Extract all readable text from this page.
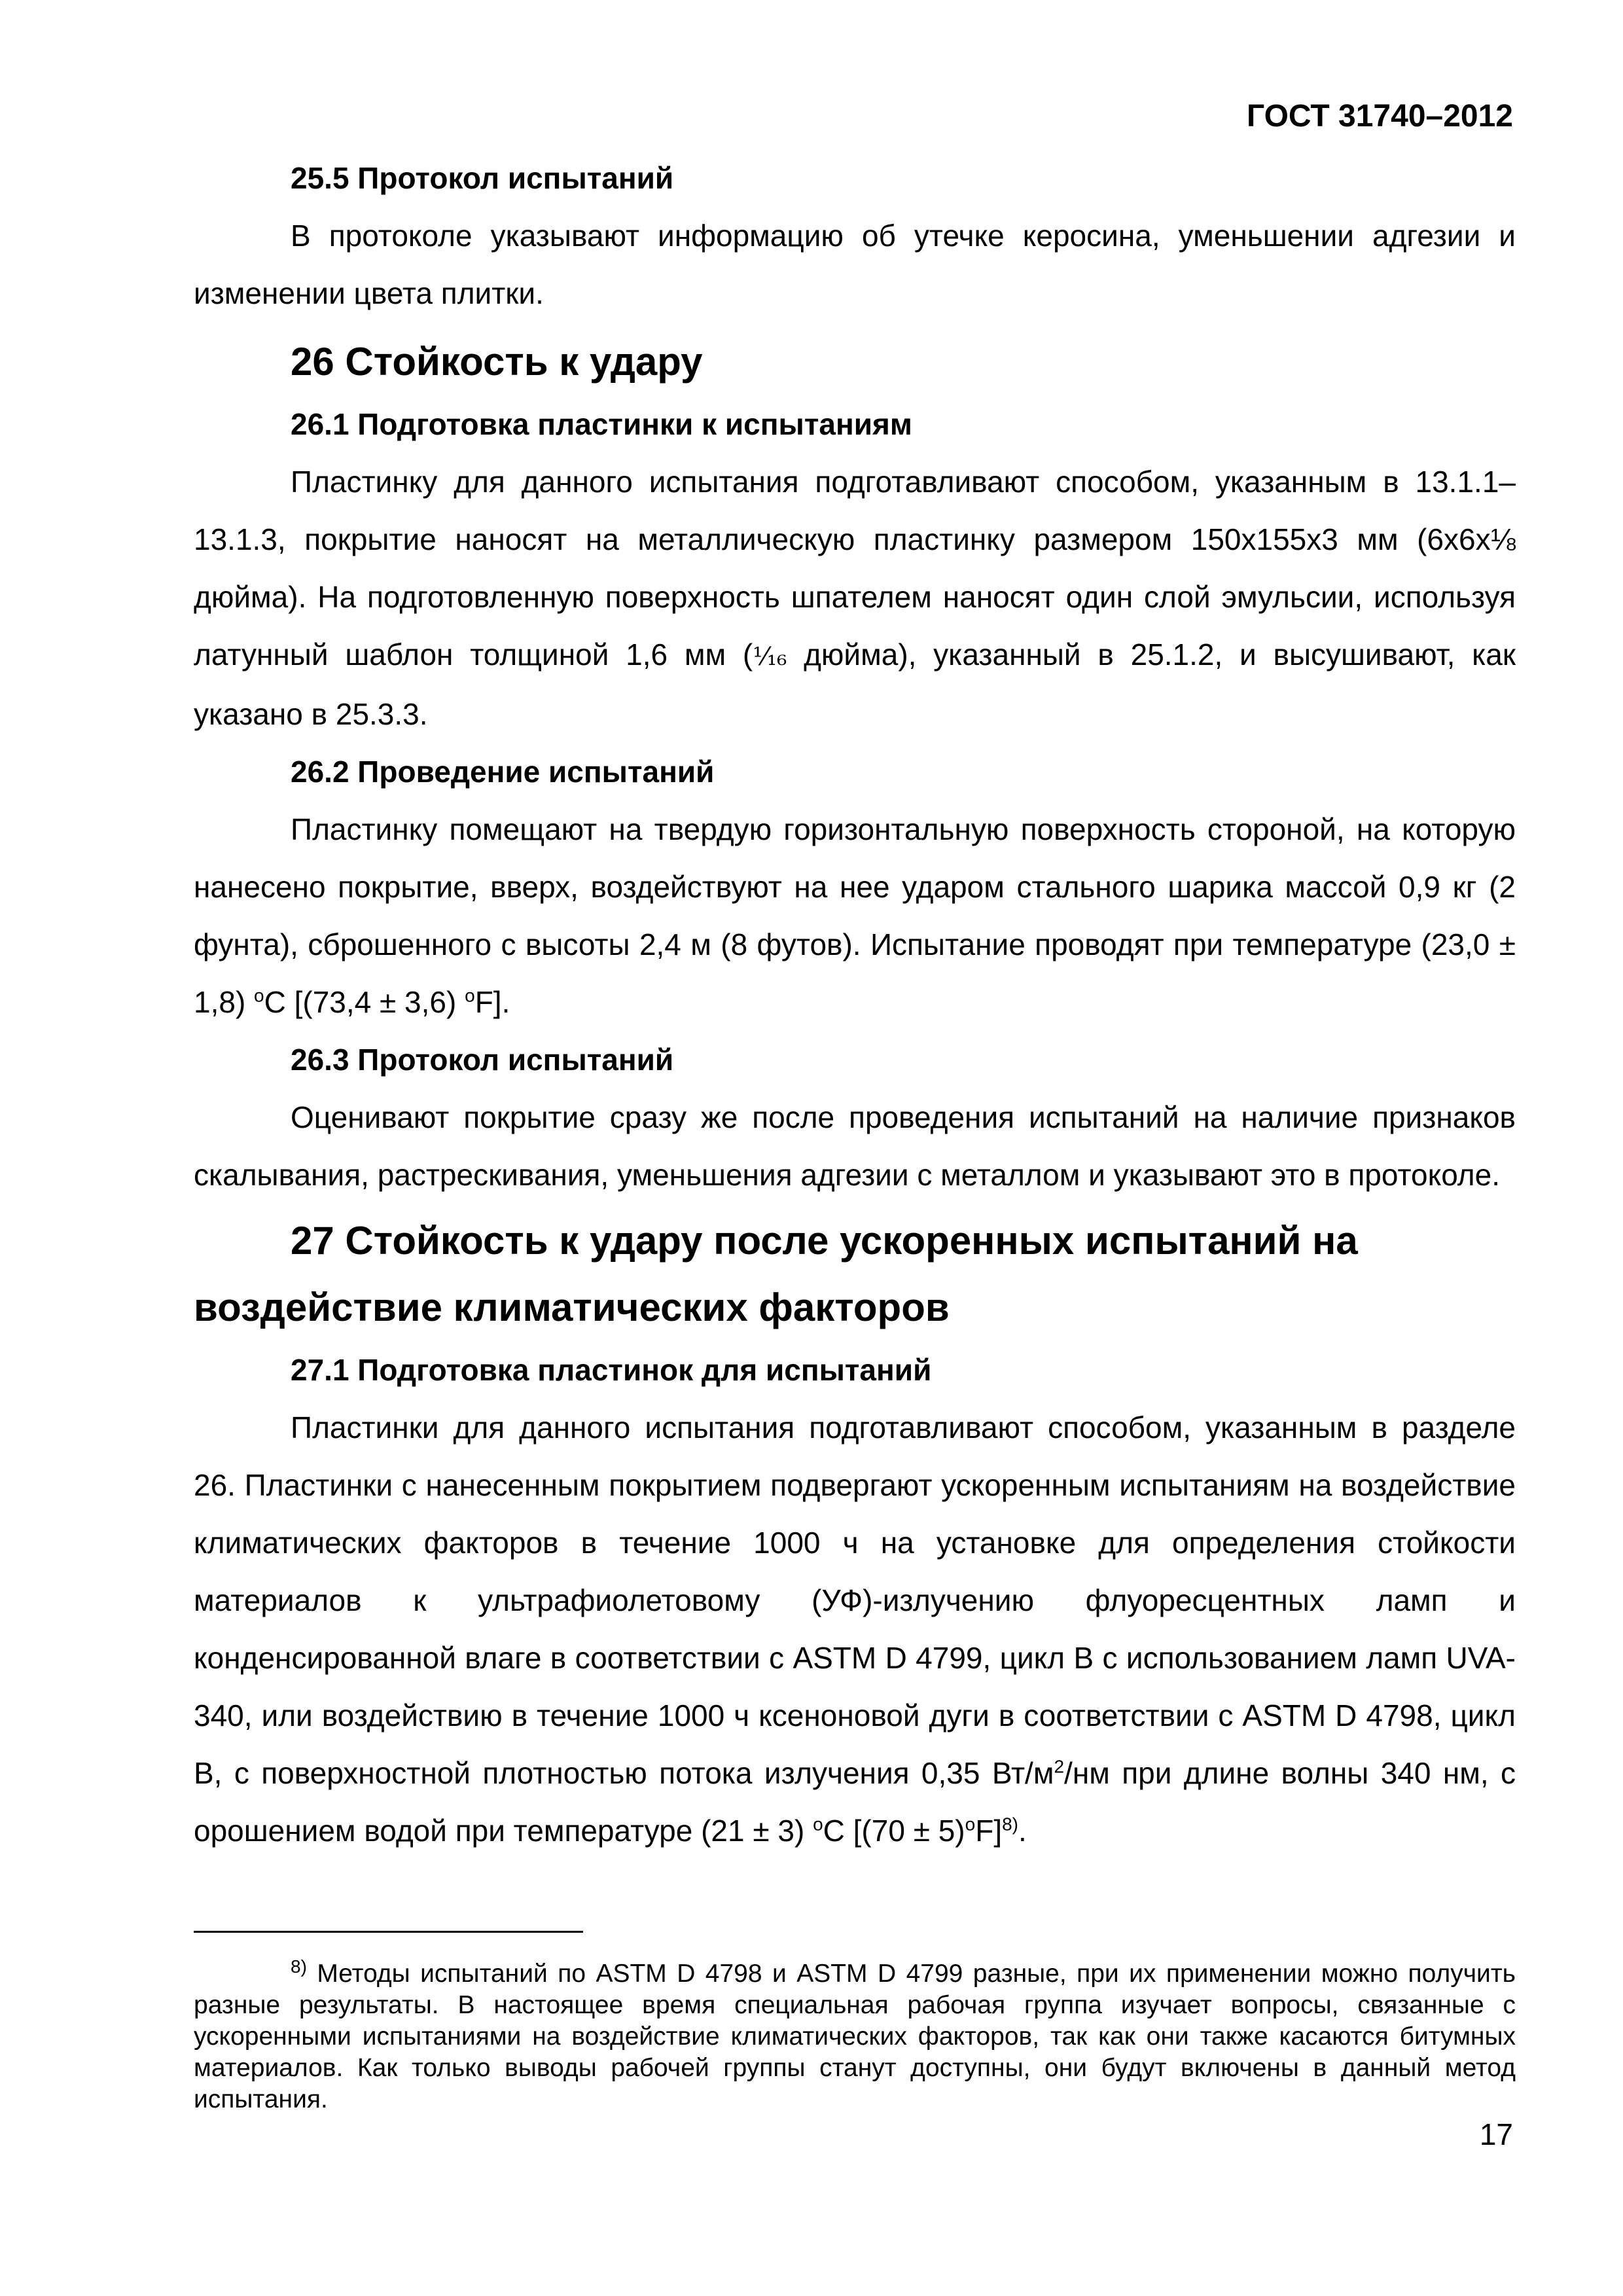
ГОСТ 31740–2012
25.5 Протокол испытаний

В протоколе указывают информацию об утечке керосина, уменьшении адгезии и изменении цвета плитки.

26 Стойкость к удару
26.1 Подготовка пластинки к испытаниям

Пластинку для данного испытания подготавливают способом, указанным в 13.1.1–13.1.3, покрытие наносят на металлическую пластинку размером 150x155x3 мм (6x6x⅛ дюйма). На подготовленную поверхность шпателем наносят один слой эмульсии, используя латунный шаблон толщиной 1,6 мм (¹⁄₁₆ дюйма), указанный в 25.1.2, и высушивают, как указано в 25.3.3.

26.2 Проведение испытаний

Пластинку помещают на твердую горизонтальную поверхность стороной, на которую нанесено покрытие, вверх, воздействуют на нее ударом стального шарика массой 0,9 кг (2 фунта), сброшенного с высоты 2,4 м (8 футов). Испытание проводят при температуре (23,0 ± 1,8) $^o$C [(73,4 ± 3,6) $^o$F].

26.3 Протокол испытаний

Оценивают покрытие сразу же после проведения испытаний на наличие признаков скалывания, растрескивания, уменьшения адгезии с металлом и указывают это в протоколе.

27 Стойкость к удару после ускоренных испытаний на воздействие климатических факторов
27.1 Подготовка пластинок для испытаний

Пластинки для данного испытания подготавливают способом, указанным в разделе 26. Пластинки с нанесенным покрытием подвергают ускоренным испытаниям на воздействие климатических факторов в течение 1000 ч на установке для определения стойкости материалов к ультрафиолетовому (УФ)-излучению флуоресцентных ламп и конденсированной влаге в соответствии с ASTM D 4799, цикл B с использованием ламп UVA-340, или воздействию в течение 1000 ч ксеноновой дуги в соответствии с ASTM D 4798, цикл B, с поверхностной плотностью потока излучения 0,35 $Вт/м^2/нм$ при длине волны 340 нм, с орошением водой при температуре (21 ± 3) $^o$C $[(70 \pm 5)^oF]^{8)}$.

$^{8)}$ Методы испытаний по ASTM D 4798 и ASTM D 4799 разные, при их применении можно получить разные результаты. В настоящее время специальная рабочая группа изучает вопросы, связанные с ускоренными испытаниями на воздействие климатических факторов, так как они также касаются битумных материалов. Как только выводы рабочей группы станут доступны, они будут включены в данный метод испытания.
17
